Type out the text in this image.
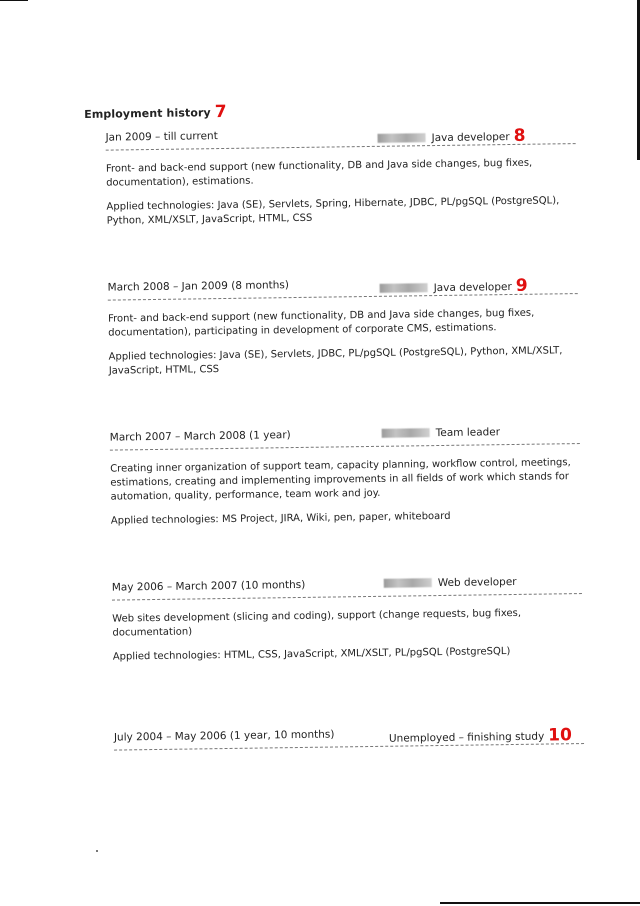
Employment history 7
Jan 2009 – till current	Java developer 8
Front- and back-end support (new functionality, DB and Java side changes, bug fixes, documentation), estimations.
Applied technologies: Java (SE), Servlets, Spring, Hibernate, JDBC, PL/pgSQL (PostgreSQL), Python, XML/XSLT, JavaScript, HTML, CSS
March 2008 – Jan 2009 (8 months)	Java developer 9
Front- and back-end support (new functionality, DB and Java side changes, bug fixes, documentation), participating in development of corporate CMS, estimations.
Applied technologies: Java (SE), Servlets, JDBC, PL/pgSQL (PostgreSQL), Python, XML/XSLT, JavaScript, HTML, CSS
March 2007 – March 2008 (1 year)	Team leader
Creating inner organization of support team, capacity planning, workflow control, meetings, estimations, creating and implementing improvements in all fields of work which stands for automation, quality, performance, team work and joy.
Applied technologies: MS Project, JIRA, Wiki, pen, paper, whiteboard
May 2006 – March 2007 (10 months)	Web developer
Web sites development (slicing and coding), support (change requests, bug fixes, documentation)
Applied technologies: HTML, CSS, JavaScript, XML/XSLT, PL/pgSQL (PostgreSQL)
July 2004 – May 2006 (1 year, 10 months)	Unemployed – finishing study 10
